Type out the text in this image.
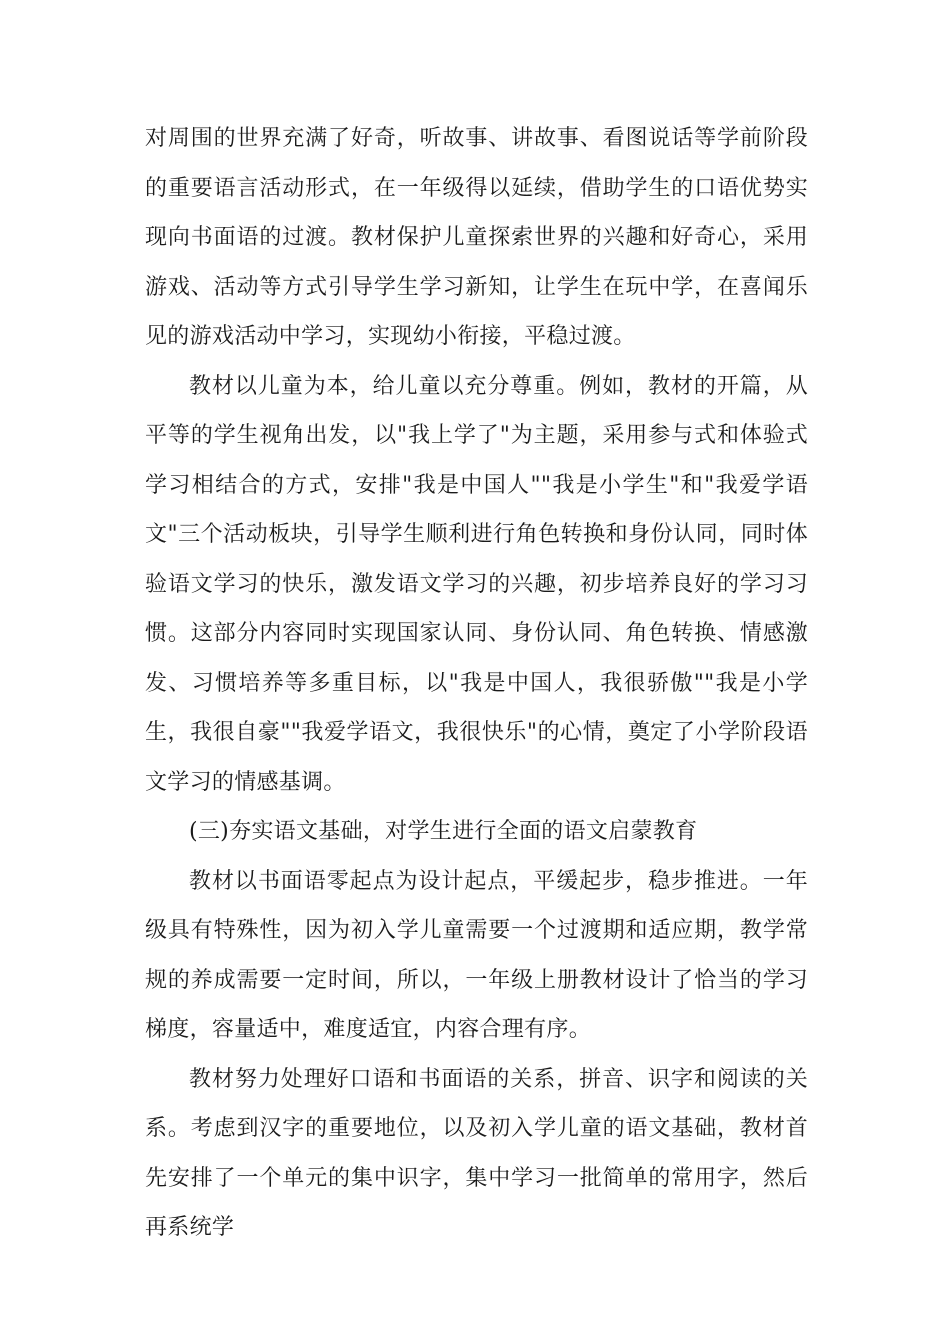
对周围的世界充满了好奇，听故事、讲故事、看图说话等学前阶段的重要语言活动形式，在一年级得以延续，借助学生的口语优势实现向书面语的过渡。教材保护儿童探索世界的兴趣和好奇心，采用游戏、活动等方式引导学生学习新知，让学生在玩中学，在喜闻乐见的游戏活动中学习，实现幼小衔接，平稳过渡。

教材以儿童为本，给儿童以充分尊重。例如，教材的开篇，从平等的学生视角出发，以"我上学了"为主题，采用参与式和体验式学习相结合的方式，安排"我是中国人""我是小学生"和"我爱学语文"三个活动板块，引导学生顺利进行角色转换和身份认同，同时体验语文学习的快乐，激发语文学习的兴趣，初步培养良好的学习习惯。这部分内容同时实现国家认同、身份认同、角色转换、情感激发、习惯培养等多重目标，以"我是中国人，我很骄傲""我是小学生，我很自豪""我爱学语文，我很快乐"的心情，奠定了小学阶段语文学习的情感基调。

(三)夯实语文基础，对学生进行全面的语文启蒙教育

教材以书面语零起点为设计起点，平缓起步，稳步推进。一年级具有特殊性，因为初入学儿童需要一个过渡期和适应期，教学常规的养成需要一定时间，所以，一年级上册教材设计了恰当的学习梯度，容量适中，难度适宜，内容合理有序。

教材努力处理好口语和书面语的关系，拼音、识字和阅读的关系。考虑到汉字的重要地位，以及初入学儿童的语文基础，教材首先安排了一个单元的集中识字，集中学习一批简单的常用字，然后再系统学
